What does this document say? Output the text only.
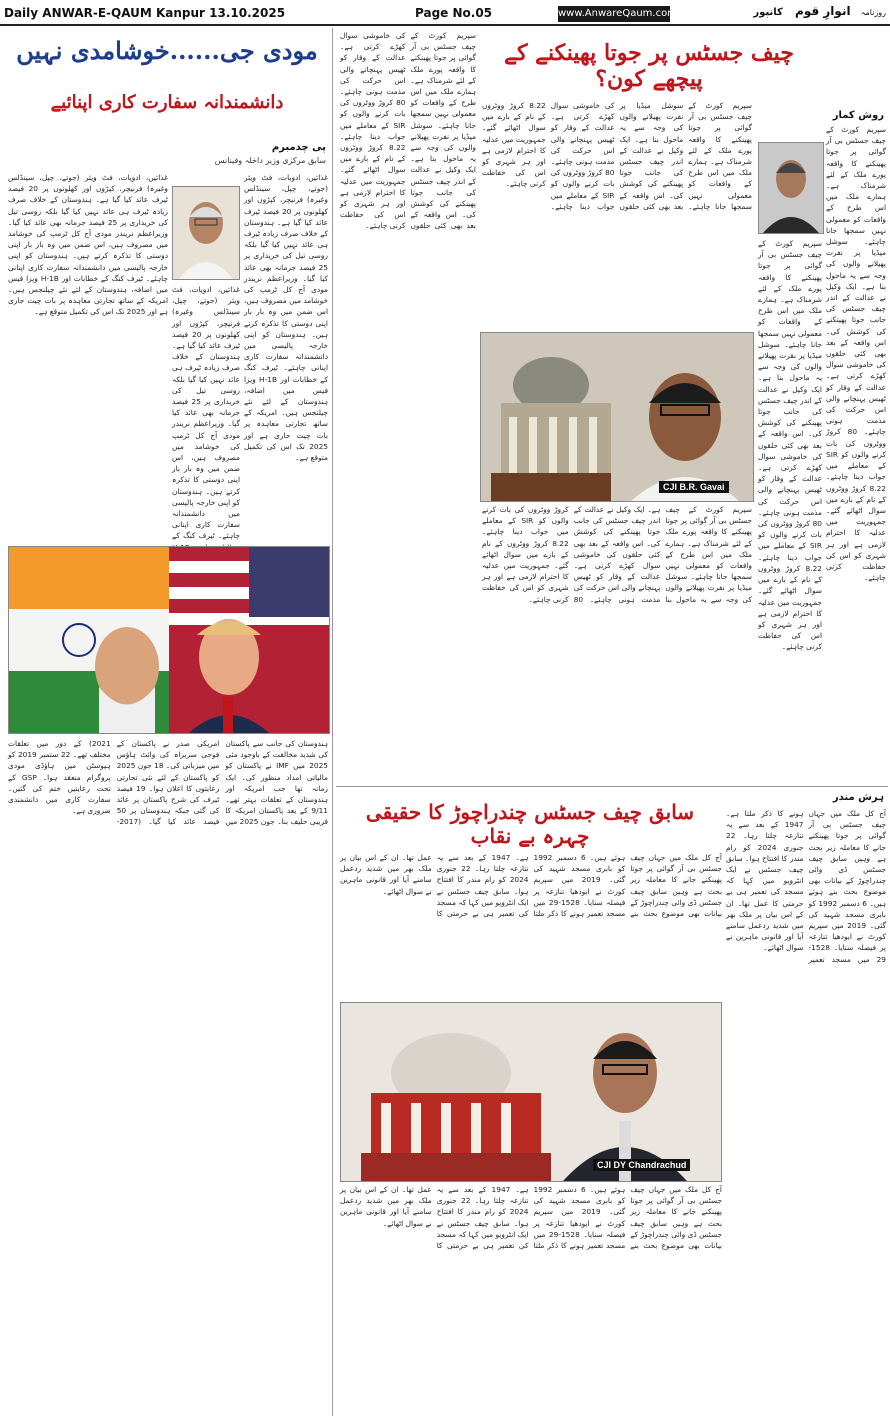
Daily ANWAR-E-QAUM Kanpur 13.10.2025	Page No.05	www.AnwareQaum.com	روزنامہ انوارِ قوم کانپور
مودی جی......خوشامدی نہیں
دانشمندانہ سفارت کاری اپنائیے
پی چدمبرم
سابق مرکزی وزیر داخلہ وفینانس
غذائیں، ادویات، فٹ ویئر (جوتے، چپل، سینڈلس وغیرہ) فرنیچر، کپڑوں اور کھلونوں پر 20 فیصد ٹیرف عائد کیا گیا ہے۔ ہندوستان کے خلاف صرف زیادہ ٹیرف ہی عائد نہیں کیا گیا بلکہ روسی تیل کی خریداری پر 25 فیصد جرمانہ بھی عائد کیا گیا۔ وزیراعظم نریندر مودی آج کل ٹرمپ کی خوشامد میں مصروف ہیں، اس ضمن میں وہ بار بار اپنی دوستی کا تذکرہ کرتے ہیں۔ ہندوستان کو اپنی خارجہ پالیسی میں دانشمندانہ سفارت کاری اپنانی چاہئے۔ ٹیرف کنگ کے خطابات اور H-1B ویزا فیس میں اضافہ، ہندوستان کے لئے نئے چیلنجس ہیں۔ امریکہ کے ساتھ تجارتی معاہدہ پر بات چیت جاری ہے اور 2025 تک اس کی تکمیل متوقع ہے۔
غذائیں، ادویات، فٹ ویئر (جوتے، چپل، سینڈلس وغیرہ) فرنیچر، کپڑوں اور کھلونوں پر 20 فیصد ٹیرف عائد کیا گیا ہے۔ ہندوستان کے خلاف صرف زیادہ ٹیرف ہی عائد نہیں کیا گیا بلکہ روسی تیل کی خریداری پر 25 فیصد جرمانہ بھی عائد کیا گیا۔ وزیراعظم نریندر مودی آج کل ٹرمپ کی خوشامد میں مصروف ہیں، اس ضمن میں وہ بار بار اپنی دوستی کا تذکرہ کرتے ہیں۔ ہندوستان کو اپنی خارجہ پالیسی میں دانشمندانہ سفارت کاری اپنانی چاہئے۔ ٹیرف کنگ کے خطابات اور H-1B ویزا فیس میں اضافہ، ہندوستان کے لئے نئے چیلنجس ہیں۔ امریکہ کے ساتھ تجارتی معاہدہ پر بات چیت جاری ہے اور 2025 تک اس کی تکمیل متوقع ہے۔
غذائیں، ادویات، فٹ ویئر (جوتے، چپل، سینڈلس وغیرہ) فرنیچر، کپڑوں اور کھلونوں پر 20 فیصد ٹیرف عائد کیا گیا ہے۔ ہندوستان کے خلاف صرف زیادہ ٹیرف ہی عائد نہیں کیا گیا بلکہ روسی تیل کی خریداری پر 25 فیصد جرمانہ بھی عائد کیا گیا۔ وزیراعظم نریندر مودی آج کل ٹرمپ کی خوشامد میں مصروف ہیں، اس ضمن میں وہ بار بار اپنی دوستی کا تذکرہ کرتے ہیں۔ ہندوستان کو اپنی خارجہ پالیسی میں دانشمندانہ سفارت کاری اپنانی چاہئے۔ ٹیرف کنگ کے
ہندوستان کی جانب سے پاکستان کی شدید مخالفت کے باوجود مئی 2025 میں IMF نے پاکستان کو مالیاتی امداد منظور کی۔ ایک زمانہ تھا جب امریکہ اور ہندوستان کے تعلقات بہتر تھے۔ 9/11 کے بعد پاکستان امریکہ کا قریبی حلیف بنا۔ جون 2025 میں امریکی صدر نے پاکستان کے فوجی سربراہ کی وائٹ ہاؤس میں میزبانی کی۔ 18 جون 2025 کو پاکستان کے لئے نئی تجارتی رعایتوں کا اعلان ہوا۔ 19 فیصد ٹیرف کی شرح پاکستان پر عائد کی گئی جبکہ ہندوستان پر 50 فیصد عائد کیا گیا۔ (2017-2021) کے دور میں تعلقات مختلف تھے۔ 22 ستمبر 2019 کو ہیوسٹن میں ہاؤڈی مودی پروگرام منعقد ہوا۔ GSP کے تحت رعایتیں ختم کی گئیں۔ سفارت کاری میں دانشمندی ضروری ہے۔
چیف جسٹس پر جوتا پھینکنے کے پیچھے کون؟
روش کمار
سپریم کورٹ کے چیف جسٹس بی آر گوائی پر جوتا پھینکنے کا واقعہ پورے ملک کے لئے شرمناک ہے۔ ہمارے ملک میں اس طرح کے واقعات کو معمولی نہیں سمجھا جانا چاہئے۔ سوشل میڈیا پر نفرت پھیلانے والوں کی وجہ سے یہ ماحول بنا ہے۔ ایک وکیل نے عدالت کے اندر چیف جسٹس کی جانب جوتا پھینکنے کی کوشش کی۔ اس واقعہ کے بعد بھی کئی حلقوں کی خاموشی سوال کھڑے کرتی ہے۔ عدالت کے وقار کو ٹھیس پہنچانے والی اس حرکت کی مذمت ہونی چاہئے۔ 80 کروڑ ووٹروں کی بات کرنے والوں کو SIR کے معاملے میں جواب دینا چاہئے۔ 8.22 کروڑ ووٹروں کے نام کے بارے میں سوال اٹھائے گئے۔ جمہوریت میں عدلیہ کا احترام لازمی ہے اور ہر شہری کو اس کی حفاظت کرنی چاہئے۔
سپریم کورٹ کے چیف جسٹس بی آر گوائی پر جوتا پھینکنے کا واقعہ پورے ملک کے لئے شرمناک ہے۔ ہمارے ملک میں اس طرح کے واقعات کو معمولی نہیں سمجھا جانا چاہئے۔ سوشل میڈیا پر نفرت پھیلانے والوں کی وجہ سے یہ ماحول بنا ہے۔ ایک وکیل نے عدالت کے اندر چیف جسٹس کی جانب جوتا پھینکنے کی کوشش کی۔ اس واقعہ کے بعد بھی کئی حلقوں کی خاموشی سوال کھڑے کرتی ہے۔ عدالت کے وقار کو ٹھیس پہنچانے والی اس حرکت کی مذمت ہونی چاہئے۔ 80 کروڑ ووٹروں کی بات کرنے والوں کو SIR کے معاملے میں جواب دینا چاہئے۔ 8.22 کروڑ ووٹروں کے نام کے بارے میں سوال اٹھائے گئے۔ جمہوریت میں عدلیہ کا احترام لازمی ہے اور ہر شہری کو اس کی حفاظت کرنی چاہئے۔
سپریم کورٹ کے چیف جسٹس بی آر گوائی پر جوتا پھینکنے کا واقعہ پورے ملک کے لئے شرمناک ہے۔ ہمارے ملک میں اس طرح کے واقعات کو معمولی نہیں سمجھا جانا چاہئے۔ سوشل میڈیا پر نفرت پھیلانے والوں کی وجہ سے یہ ماحول بنا ہے۔ ایک وکیل نے عدالت کے اندر چیف جسٹس کی جانب جوتا پھینکنے کی کوشش کی۔ اس واقعہ کے بعد بھی کئی حلقوں کی خاموشی سوال کھڑے کرتی ہے۔ عدالت کے وقار کو ٹھیس پہنچانے والی اس حرکت کی مذمت ہونی چاہئے۔ 80 کروڑ ووٹروں کی بات کرنے والوں کو SIR کے معاملے میں جواب دینا چاہئے۔ 8.22 کروڑ ووٹروں کے نام کے بارے میں سوال اٹھائے گئے۔ جمہوریت میں عدلیہ کا احترام لازمی ہے اور ہر شہری کو اس کی حفاظت کرنی چاہئے۔
سپریم کورٹ کے چیف جسٹس بی آر گوائی پر جوتا پھینکنے کا واقعہ پورے ملک کے لئے شرمناک ہے۔ ہمارے ملک میں اس طرح کے واقعات کو معمولی نہیں سمجھا جانا چاہئے۔ سوشل میڈیا پر نفرت پھیلانے والوں کی وجہ سے یہ ماحول بنا ہے۔ ایک وکیل نے عدالت کے اندر چیف جسٹس کی جانب جوتا پھینکنے کی کوشش کی۔ اس واقعہ کے بعد بھی کئی حلقوں کی خاموشی سوال کھڑے کرتی ہے۔ عدالت کے وقار کو ٹھیس پہنچانے والی اس حرکت کی مذمت ہونی چاہئے۔ 80 کروڑ ووٹروں کی بات کرنے والوں کو SIR کے معاملے میں جواب دینا چاہئے۔ 8.22 کروڑ ووٹروں کے نام کے بارے میں سوال اٹھائے گئے۔ جمہوریت میں عدلیہ کا احترام لازمی ہے اور ہر شہری کو اس کی حفاظت کرنی چاہئے۔
سپریم کورٹ کے چیف جسٹس بی آر گوائی پر جوتا پھینکنے کا واقعہ پورے ملک کے لئے شرمناک ہے۔ ہمارے ملک میں اس طرح کے واقعات کو معمولی نہیں سمجھا جانا چاہئے۔ سوشل میڈیا پر نفرت پھیلانے والوں کی وجہ سے یہ ماحول بنا ہے۔ ایک وکیل نے عدالت کے اندر چیف جسٹس کی جانب جوتا پھینکنے کی کوشش کی۔ اس واقعہ کے بعد بھی کئی حلقوں کی خاموشی سوال کھڑے کرتی ہے۔ عدالت کے وقار کو ٹھیس پہنچانے والی اس حرکت کی مذمت ہونی چاہئے۔ 80 کروڑ ووٹروں کی بات کرنے والوں کو SIR کے معاملے میں جواب دینا چاہئے۔ 8.22 کروڑ ووٹروں کے نام کے بارے میں سوال اٹھائے گئے۔ جمہوریت میں عدلیہ کا احترام لازمی ہے اور ہر شہری کو اس کی حفاظت کرنی چاہئے۔
CJI B.R. Gavai
سابق چیف جسٹس چندراچوڑ کا حقیقی چہرہ بے نقاب
ہرش مندر
آج کل ملک میں جہاں چیف جسٹس بی آر گوائی پر جوتا پھینکنے جانے کا معاملہ زیر بحث ہے وہیں سابق چیف جسٹس ڈی وائی چندراچوڑ کے بیانات بھی موضوع بحث بنے ہوئے ہیں۔ 6 دسمبر 1992 کو بابری مسجد شہید کی گئی۔ 2019 میں سپریم کورٹ نے ایودھیا تنازعہ پر فیصلہ سنایا۔ 1528-29 میں مسجد تعمیر ہونے کا ذکر ملتا ہے۔ 1947 کے بعد سے یہ تنازعہ چلتا رہا۔ 22 جنوری 2024 کو رام مندر کا افتتاح ہوا۔ سابق چیف جسٹس نے ایک انٹرویو میں کہا کہ مسجد کی تعمیر ہی بے حرمتی کا عمل تھا۔ ان کے اس بیان پر ملک بھر میں شدید ردعمل سامنے آیا اور قانونی ماہرین نے سوال اٹھائے۔
آج کل ملک میں جہاں چیف جسٹس بی آر گوائی پر جوتا پھینکنے جانے کا معاملہ زیر بحث ہے وہیں سابق چیف جسٹس ڈی وائی چندراچوڑ کے بیانات بھی موضوع بحث بنے ہوئے ہیں۔ 6 دسمبر 1992 کو بابری مسجد شہید کی گئی۔ 2019 میں سپریم کورٹ نے ایودھیا تنازعہ پر فیصلہ سنایا۔ 1528-29 میں مسجد تعمیر ہونے کا ذکر ملتا ہے۔ 1947 کے بعد سے یہ تنازعہ چلتا رہا۔ 22 جنوری 2024 کو رام مندر کا افتتاح ہوا۔ سابق چیف جسٹس نے ایک انٹرویو میں کہا کہ مسجد کی تعمیر ہی بے حرمتی کا عمل تھا۔ ان کے اس بیان پر ملک بھر میں شدید ردعمل سامنے آیا اور قانونی ماہرین نے سوال اٹھائے۔
آج کل ملک میں جہاں چیف جسٹس بی آر گوائی پر جوتا پھینکنے جانے کا معاملہ زیر بحث ہے وہیں سابق چیف جسٹس ڈی وائی چندراچوڑ کے بیانات بھی موضوع بحث بنے ہوئے ہیں۔ 6 دسمبر 1992 کو بابری مسجد شہید کی گئی۔ 2019 میں سپریم کورٹ نے ایودھیا تنازعہ پر فیصلہ سنایا۔ 1528-29 میں مسجد تعمیر ہونے کا ذکر ملتا ہے۔ 1947 کے بعد سے یہ تنازعہ چلتا رہا۔ 22 جنوری 2024 کو رام مندر کا افتتاح ہوا۔ سابق چیف جسٹس نے ایک انٹرویو میں کہا کہ مسجد کی تعمیر ہی بے حرمتی کا عمل تھا۔ ان کے اس بیان پر ملک بھر میں شدید ردعمل سامنے آیا اور قانونی ماہرین نے سوال اٹھائے۔
CJI DY Chandrachud
